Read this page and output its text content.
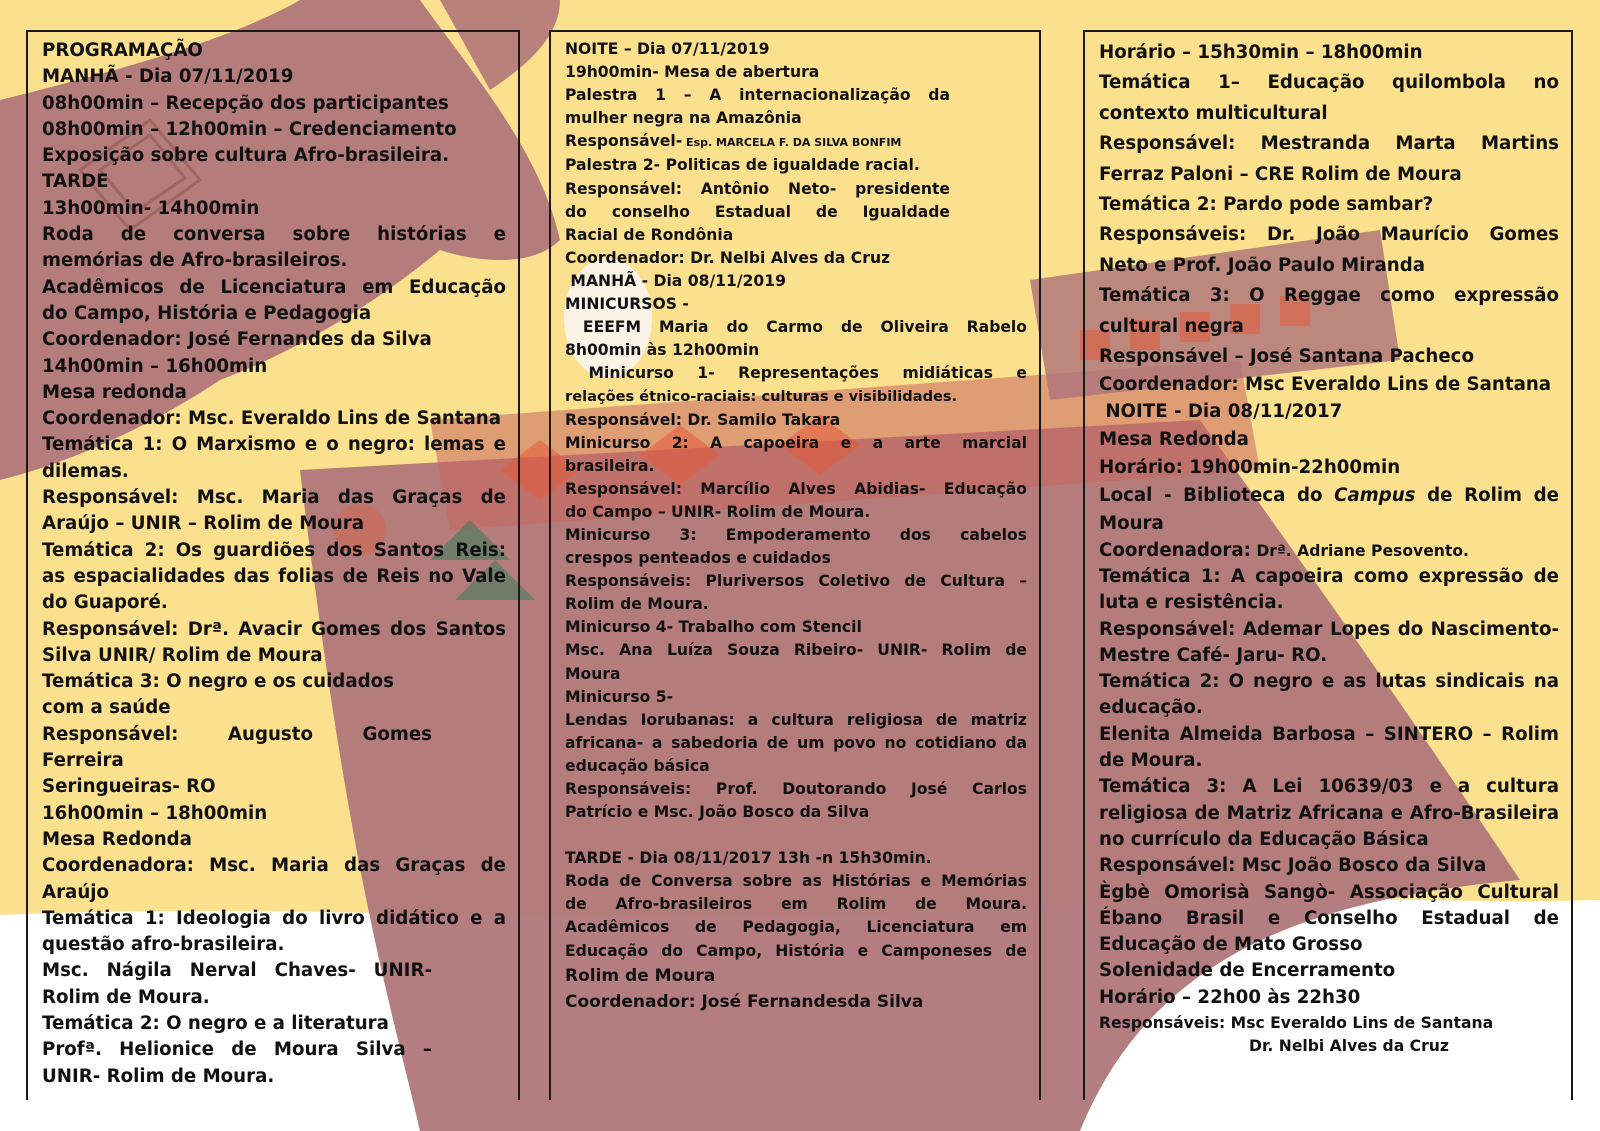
PROGRAMAÇÃO
MANHÃ - Dia 07/11/2019
08h00min – Recepção dos participantes
08h00min – 12h00min – Credenciamento
Exposição sobre cultura Afro-brasileira.
TARDE
13h00min- 14h00min
Roda de conversa sobre histórias e
memórias de Afro-brasileiros.
Acadêmicos de Licenciatura em Educação
do Campo, História e Pedagogia
Coordenador: José Fernandes da Silva
14h00min – 16h00min
Mesa redonda
Coordenador: Msc. Everaldo Lins de Santana
Temática 1: O Marxismo e o negro: lemas e
dilemas.
Responsável: Msc. Maria das Graças de
Araújo – UNIR – Rolim de Moura
Temática 2: Os guardiões dos Santos Reis:
as espacialidades das folias de Reis no Vale
do Guaporé.
Responsável: Drª. Avacir Gomes dos Santos
Silva UNIR/ Rolim de Moura
Temática 3: O negro e os cuidados
com a saúde
Responsável: Augusto Gomes
Ferreira
Seringueiras- RO
16h00min – 18h00min
Mesa Redonda
Coordenadora: Msc. Maria das Graças de
Araújo
Temática 1: Ideologia do livro didático e a
questão afro-brasileira.
Msc. Nágila Nerval Chaves- UNIR-
Rolim de Moura.
Temática 2: O negro e a literatura
Profª. Helionice de Moura Silva –
UNIR- Rolim de Moura.
NOITE – Dia 07/11/2019
19h00min- Mesa de abertura
Palestra 1 – A internacionalização da
mulher negra na Amazônia
Responsável- Esp. MARCELA F. DA SILVA BONFIM
Palestra 2- Politicas de igualdade racial.
Responsável: Antônio Neto- presidente
do conselho Estadual de Igualdade
Racial de Rondônia
Coordenador: Dr. Nelbi Alves da Cruz
MANHÃ - Dia 08/11/2019
MINICURSOS -
EEEFM Maria do Carmo de Oliveira Rabelo
8h00min às 12h00min
Minicurso 1- Representações midiáticas e
relações étnico-raciais: culturas e visibilidades.
Responsável: Dr. Samilo Takara
Minicurso 2: A capoeira e a arte marcial
brasileira.
Responsável: Marcílio Alves Abidias- Educação
do Campo – UNIR- Rolim de Moura.
Minicurso 3: Empoderamento dos cabelos
crespos penteados e cuidados
Responsáveis: Pluriversos Coletivo de Cultura –
Rolim de Moura.
Minicurso 4- Trabalho com Stencil
Msc. Ana Luíza Souza Ribeiro- UNIR- Rolim de
Moura
Minicurso 5-
Lendas Iorubanas: a cultura religiosa de matriz
africana- a sabedoria de um povo no cotidiano da
educação básica
Responsáveis: Prof. Doutorando José Carlos
Patrício e Msc. João Bosco da Silva
TARDE - Dia 08/11/2017 13h -n 15h30min.
Roda de Conversa sobre as Histórias e Memórias
de Afro-brasileiros em Rolim de Moura.
Acadêmicos de Pedagogia, Licenciatura em
Educação do Campo, História e Camponeses de
Rolim de Moura
Coordenador: José Fernandesda Silva
Horário – 15h30min – 18h00min
Temática 1– Educação quilombola no
contexto multicultural
Responsável: Mestranda Marta Martins
Ferraz Paloni – CRE Rolim de Moura
Temática 2: Pardo pode sambar?
Responsáveis: Dr. João Maurício Gomes
Neto e Prof. João Paulo Miranda
Temática 3: O Reggae como expressão
cultural negra
Responsável – José Santana Pacheco
Coordenador: Msc Everaldo Lins de Santana
NOITE - Dia 08/11/2017
Mesa Redonda
Horário: 19h00min-22h00min
Local - Biblioteca do Campus de Rolim de
Moura
Coordenadora: Drª. Adriane Pesovento.
Temática 1: A capoeira como expressão de
luta e resistência.
Responsável: Ademar Lopes do Nascimento-
Mestre Café- Jaru- RO.
Temática 2: O negro e as lutas sindicais na
educação.
Elenita Almeida Barbosa – SINTERO – Rolim
de Moura.
Temática 3: A Lei 10639/03 e a cultura
religiosa de Matriz Africana e Afro-Brasileira
no currículo da Educação Básica
Responsável: Msc João Bosco da Silva
Ègbè Omorisà Sangò- Associação Cultural
Ébano Brasil e Conselho Estadual de
Educação de Mato Grosso
Solenidade de Encerramento
Horário – 22h00 às 22h30
Responsáveis: Msc Everaldo Lins de Santana
Dr. Nelbi Alves da Cruz
